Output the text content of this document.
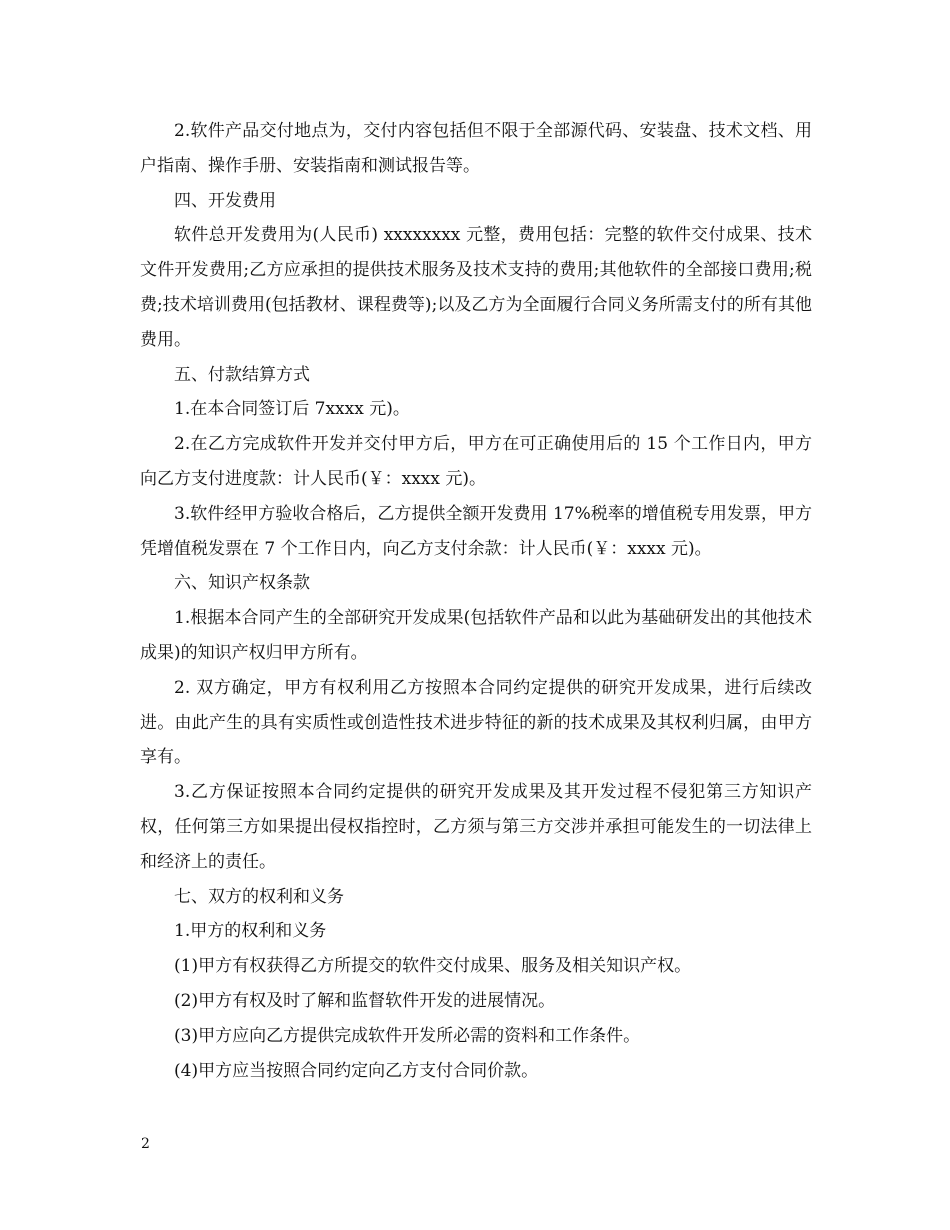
2.软件产品交付地点为，交付内容包括但不限于全部源代码、安装盘、技术文档、用户指南、操作手册、安装指南和测试报告等。

四、开发费用

软件总开发费用为(人民币) xxxxxxxx 元整，费用包括：完整的软件交付成果、技术文件开发费用;乙方应承担的提供技术服务及技术支持的费用;其他软件的全部接口费用;税费;技术培训费用(包括教材、课程费等);以及乙方为全面履行合同义务所需支付的所有其他费用。

五、付款结算方式

1.在本合同签订后 7xxxx 元)。

2.在乙方完成软件开发并交付甲方后，甲方在可正确使用后的 15 个工作日内，甲方向乙方支付进度款：计人民币(￥：xxxx 元)。

3.软件经甲方验收合格后，乙方提供全额开发费用 17%税率的增值税专用发票，甲方凭增值税发票在 7 个工作日内，向乙方支付余款：计人民币(￥：xxxx 元)。

六、知识产权条款

1.根据本合同产生的全部研究开发成果(包括软件产品和以此为基础研发出的其他技术成果)的知识产权归甲方所有。

2. 双方确定，甲方有权利用乙方按照本合同约定提供的研究开发成果，进行后续改进。由此产生的具有实质性或创造性技术进步特征的新的技术成果及其权利归属，由甲方享有。

3.乙方保证按照本合同约定提供的研究开发成果及其开发过程不侵犯第三方知识产权，任何第三方如果提出侵权指控时，乙方须与第三方交涉并承担可能发生的一切法律上和经济上的责任。

七、双方的权利和义务

1.甲方的权利和义务

(1)甲方有权获得乙方所提交的软件交付成果、服务及相关知识产权。

(2)甲方有权及时了解和监督软件开发的进展情况。

(3)甲方应向乙方提供完成软件开发所必需的资料和工作条件。

(4)甲方应当按照合同约定向乙方支付合同价款。

2
